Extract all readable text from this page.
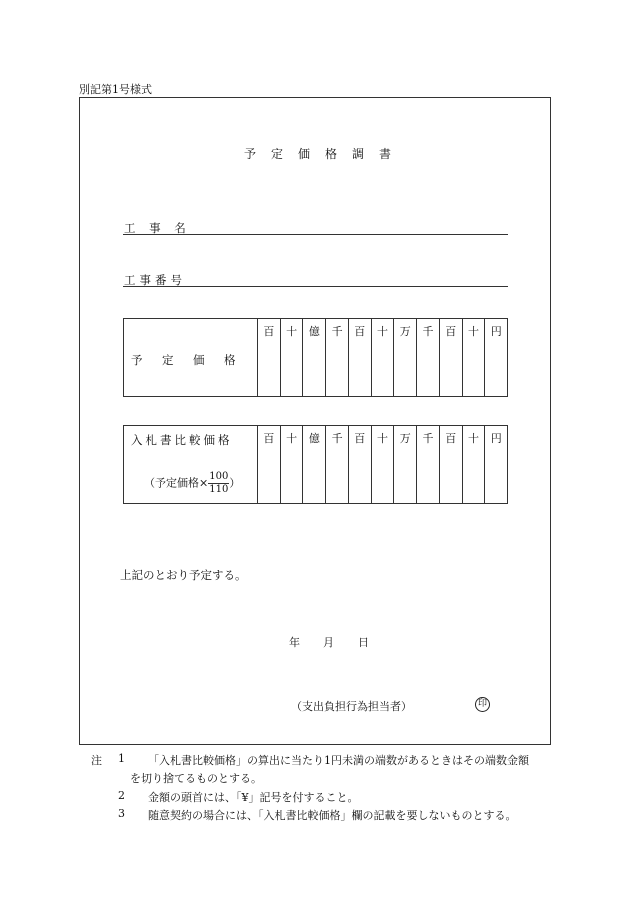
別記第1号様式
予定価格調書
工 事 名
工事番号
予　定　価　格
百	十	億	千	百	十	万	千	百	十	円
入札書比較価格
（予定価格× $\frac{100}{110}$ ）
百	十	億	千	百	十	万	千	百	十	円
上記のとおり予定する。
年 月 日
（支出負担行為担当者）	印
注 1 「入札書比較価格」の算出に当たり1円未満の端数があるときはその端数金額
を切り捨てるものとする。
2 金額の頭首には、「¥」記号を付すること。
3 随意契約の場合には、「入札書比較価格」欄の記載を要しないものとする。
